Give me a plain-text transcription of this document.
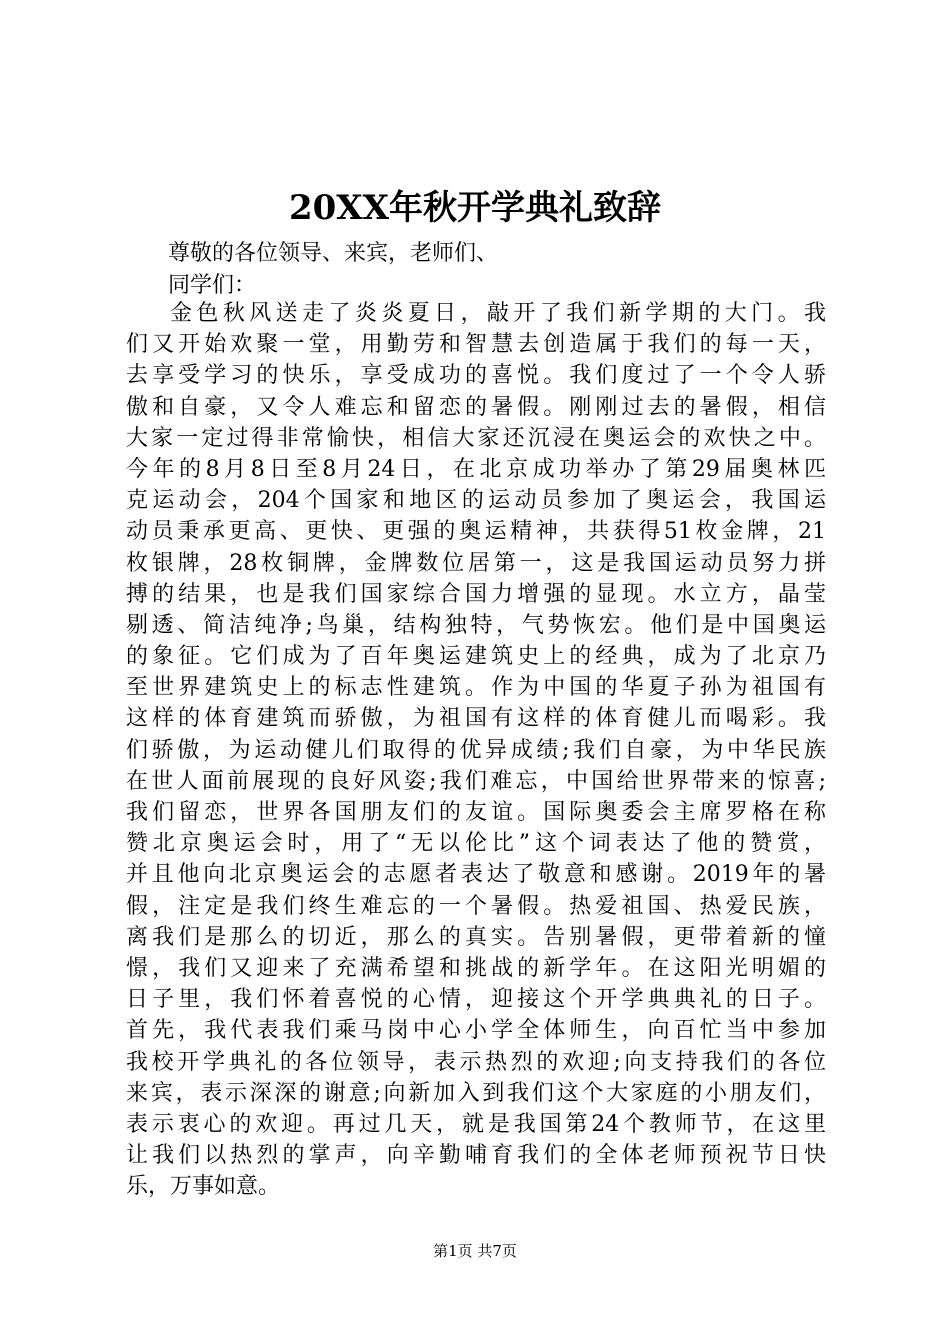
20XX年秋开学典礼致辞

尊敬的各位领导、来宾，老师们、

同学们：

金色秋风送走了炎炎夏日，敲开了我们新学期的大门。我
们又开始欢聚一堂，用勤劳和智慧去创造属于我们的每一天，
去享受学习的快乐，享受成功的喜悦。我们度过了一个令人骄
傲和自豪，又令人难忘和留恋的暑假。刚刚过去的暑假，相信
大家一定过得非常愉快，相信大家还沉浸在奥运会的欢快之中。
今年的8月8日至8月24日，在北京成功举办了第29届奥林匹
克运动会，204个国家和地区的运动员参加了奥运会，我国运
动员秉承更高、更快、更强的奥运精神，共获得51枚金牌，21
枚银牌，28枚铜牌，金牌数位居第一，这是我国运动员努力拼
搏的结果，也是我们国家综合国力增强的显现。水立方，晶莹
剔透、简洁纯净;鸟巢，结构独特，气势恢宏。他们是中国奥运
的象征。它们成为了百年奥运建筑史上的经典，成为了北京乃
至世界建筑史上的标志性建筑。作为中国的华夏子孙为祖国有
这样的体育建筑而骄傲，为祖国有这样的体育健儿而喝彩。我
们骄傲，为运动健儿们取得的优异成绩;我们自豪，为中华民族
在世人面前展现的良好风姿;我们难忘，中国给世界带来的惊喜;
我们留恋，世界各国朋友们的友谊。国际奥委会主席罗格在称
赞北京奥运会时，用了“无以伦比”这个词表达了他的赞赏，
并且他向北京奥运会的志愿者表达了敬意和感谢。2019年的暑
假，注定是我们终生难忘的一个暑假。热爱祖国、热爱民族，
离我们是那么的切近，那么的真实。告别暑假，更带着新的憧
憬，我们又迎来了充满希望和挑战的新学年。在这阳光明媚的
日子里，我们怀着喜悦的心情，迎接这个开学典典礼的日子。
首先，我代表我们乘马岗中心小学全体师生，向百忙当中参加
我校开学典礼的各位领导，表示热烈的欢迎;向支持我们的各位
来宾，表示深深的谢意;向新加入到我们这个大家庭的小朋友们，
表示衷心的欢迎。再过几天，就是我国第24个教师节，在这里
让我们以热烈的掌声，向辛勤哺育我们的全体老师预祝节日快
乐，万事如意。

第1页 共7页
